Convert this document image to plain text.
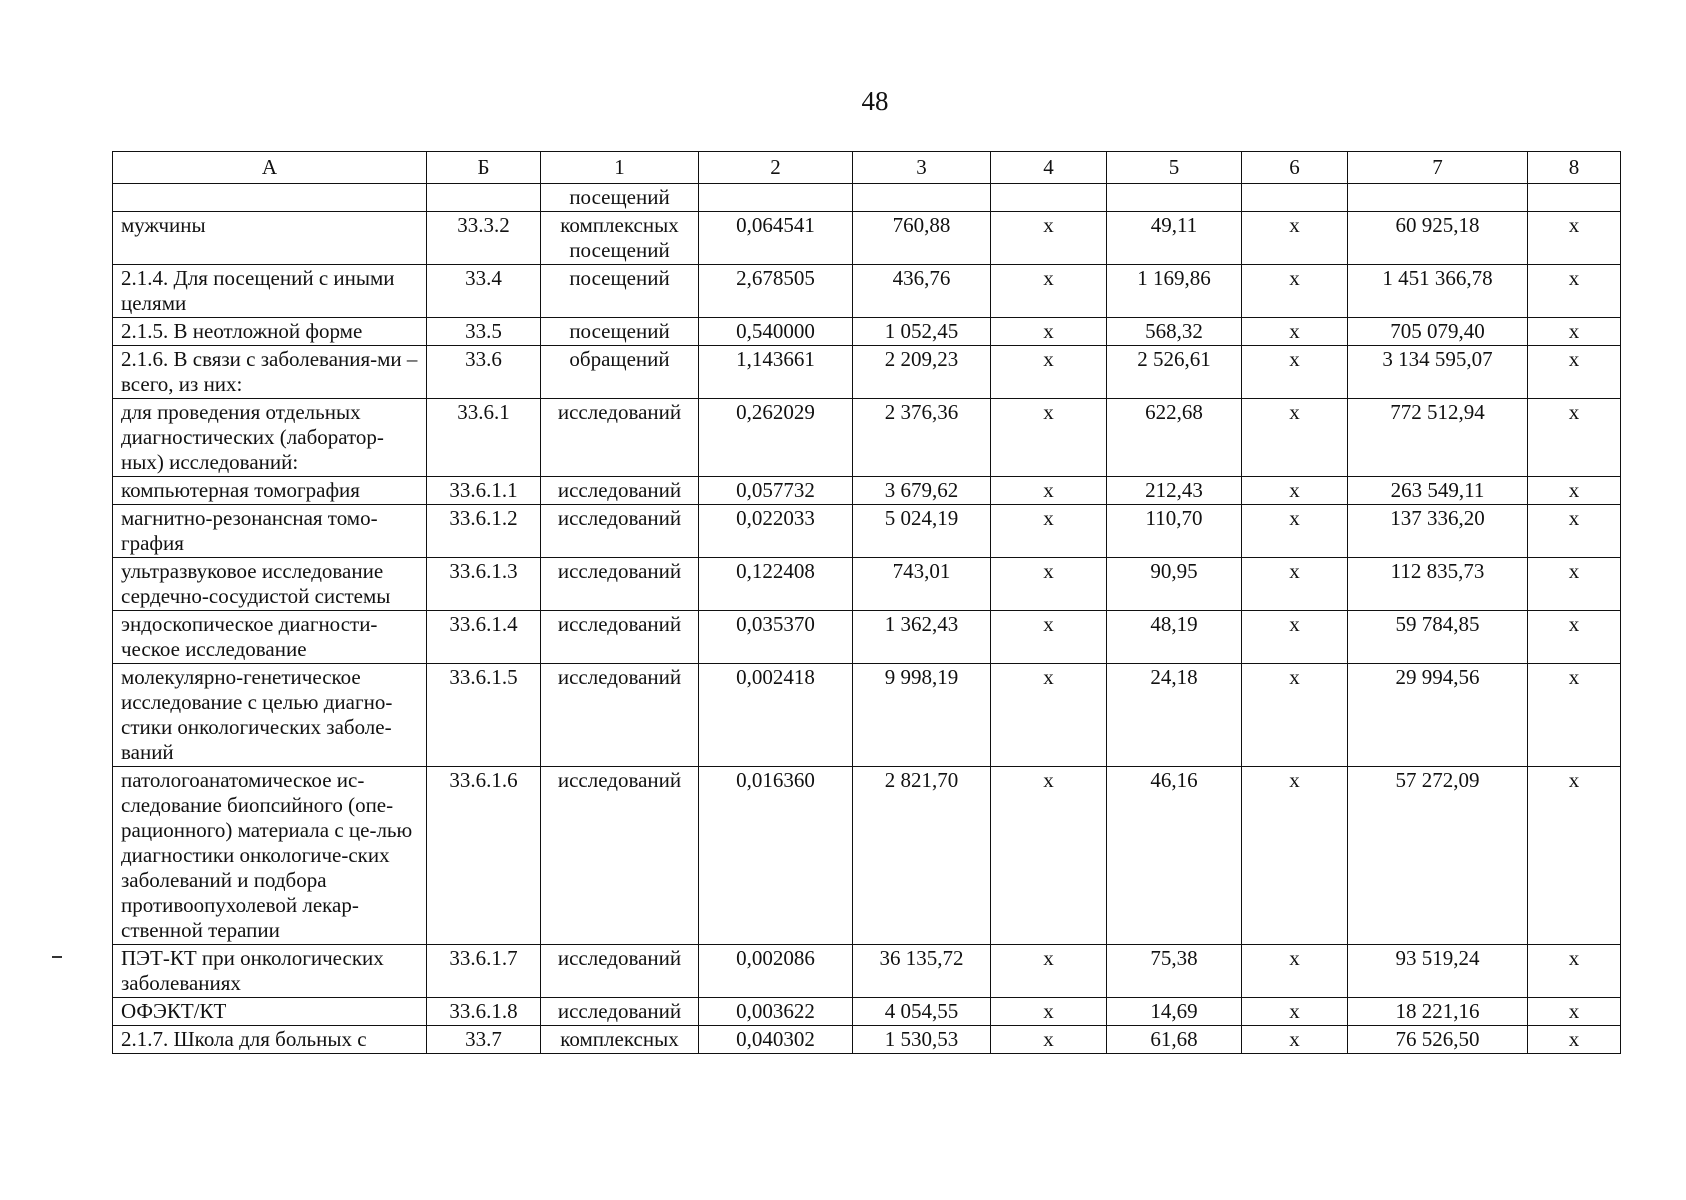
48
А	Б	1	2	3	4	5	6	7	8
		посещений							
мужчины	33.3.2	комплексных посещений	0,064541	760,88	х	49,11	х	60 925,18	х
2.1.4. Для посещений с иными целями	33.4	посещений	2,678505	436,76	х	1 169,86	х	1 451 366,78	х
2.1.5. В неотложной форме	33.5	посещений	0,540000	1 052,45	х	568,32	х	705 079,40	х
2.1.6. В связи с заболевания-ми – всего, из них:	33.6	обращений	1,143661	2 209,23	х	2 526,61	х	3 134 595,07	х
для проведения отдельных диагностических (лаборатор-ных) исследований:	33.6.1	исследований	0,262029	2 376,36	х	622,68	х	772 512,94	х
компьютерная томография	33.6.1.1	исследований	0,057732	3 679,62	х	212,43	х	263 549,11	х
магнитно-резонансная томо-графия	33.6.1.2	исследований	0,022033	5 024,19	х	110,70	х	137 336,20	х
ультразвуковое исследование сердечно-сосудистой системы	33.6.1.3	исследований	0,122408	743,01	х	90,95	х	112 835,73	х
эндоскопическое диагности-ческое исследование	33.6.1.4	исследований	0,035370	1 362,43	х	48,19	х	59 784,85	х
молекулярно-генетическое исследование с целью диагно-стики онкологических заболе-ваний	33.6.1.5	исследований	0,002418	9 998,19	х	24,18	х	29 994,56	х
патологоанатомическое ис-следование биопсийного (опе-рационного) материала с це-лью диагностики онкологиче-ских заболеваний и подбора противоопухолевой лекар-ственной терапии	33.6.1.6	исследований	0,016360	2 821,70	х	46,16	х	57 272,09	х
ПЭТ-КТ при онкологических заболеваниях	33.6.1.7	исследований	0,002086	36 135,72	х	75,38	х	93 519,24	х
ОФЭКТ/КТ	33.6.1.8	исследований	0,003622	4 054,55	х	14,69	х	18 221,16	х
2.1.7. Школа для больных с	33.7	комплексных	0,040302	1 530,53	х	61,68	х	76 526,50	х
